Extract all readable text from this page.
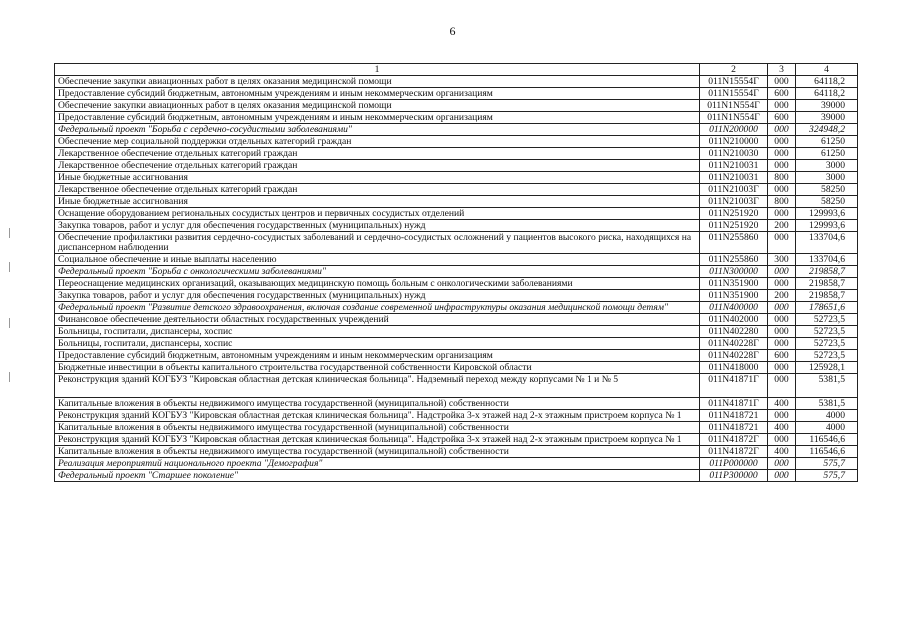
6
1	2	3	4
Обеспечение закупки авиационных работ в целях оказания медицинской помощи	011N15554Г	000	64118,2
Предоставление субсидий бюджетным, автономным учреждениям и иным некоммерческим организациям	011N15554Г	600	64118,2
Обеспечение закупки авиационных работ в целях оказания медицинской помощи	011N1N554Г	000	39000
Предоставление субсидий бюджетным, автономным учреждениям и иным некоммерческим организациям	011N1N554Г	600	39000
Федеральный проект "Борьба с сердечно-сосудистыми заболеваниями"	011N200000	000	324948,2
Обеспечение мер социальной поддержки отдельных категорий граждан	011N210000	000	61250
Лекарственное обеспечение отдельных категорий граждан	011N210030	000	61250
Лекарственное обеспечение отдельных категорий граждан	011N210031	000	3000
Иные бюджетные ассигнования	011N210031	800	3000
Лекарственное обеспечение отдельных категорий граждан	011N21003Г	000	58250
Иные бюджетные ассигнования	011N21003Г	800	58250
Оснащение оборудованием региональных сосудистых центров и первичных сосудистых отделений	011N251920	000	129993,6
Закупка товаров, работ и услуг для обеспечения государственных (муниципальных) нужд	011N251920	200	129993,6
Обеспечение профилактики развития сердечно-сосудистых заболеваний и сердечно-сосудистых осложнений у пациентов высокого риска, находящихся на диспансерном наблюдении	011N255860	000	133704,6
Социальное обеспечение и иные выплаты населению	011N255860	300	133704,6
Федеральный проект "Борьба с онкологическими заболеваниями"	011N300000	000	219858,7
Переоснащение медицинских организаций, оказывающих медицинскую помощь больным с онкологическими заболеваниями	011N351900	000	219858,7
Закупка товаров, работ и услуг для обеспечения государственных (муниципальных) нужд	011N351900	200	219858,7
Федеральный проект "Развитие детского здравоохранения, включая создание современной инфраструктуры оказания медицинской помощи детям"	011N400000	000	178651,6
Финансовое обеспечение деятельности областных государственных учреждений	011N402000	000	52723,5
Больницы, госпитали, диспансеры, хоспис	011N402280	000	52723,5
Больницы, госпитали, диспансеры, хоспис	011N40228Г	000	52723,5
Предоставление субсидий бюджетным, автономным учреждениям и иным некоммерческим организациям	011N40228Г	600	52723,5
Бюджетные инвестиции в объекты капитального строительства государственной собственности Кировской области	011N418000	000	125928,1
Реконструкция зданий КОГБУЗ "Кировская областная детская клиническая больница". Надземный переход между корпусами № 1 и № 5	011N41871Г	000	5381,5
Капитальные вложения в объекты недвижимого имущества государственной (муниципальной) собственности	011N41871Г	400	5381,5
Реконструкция зданий КОГБУЗ "Кировская областная детская клиническая больница". Надстройка 3-х этажей над 2-х этажным пристроем корпуса № 1	011N418721	000	4000
Капитальные вложения в объекты недвижимого имущества государственной (муниципальной) собственности	011N418721	400	4000
Реконструкция зданий КОГБУЗ "Кировская областная детская клиническая больница". Надстройка 3-х этажей над 2-х этажным пристроем корпуса № 1	011N41872Г	000	116546,6
Капитальные вложения в объекты недвижимого имущества государственной (муниципальной) собственности	011N41872Г	400	116546,6
Реализация мероприятий национального проекта "Демография"	011P000000	000	575,7
Федеральный проект "Старшее поколение"	011P300000	000	575,7
